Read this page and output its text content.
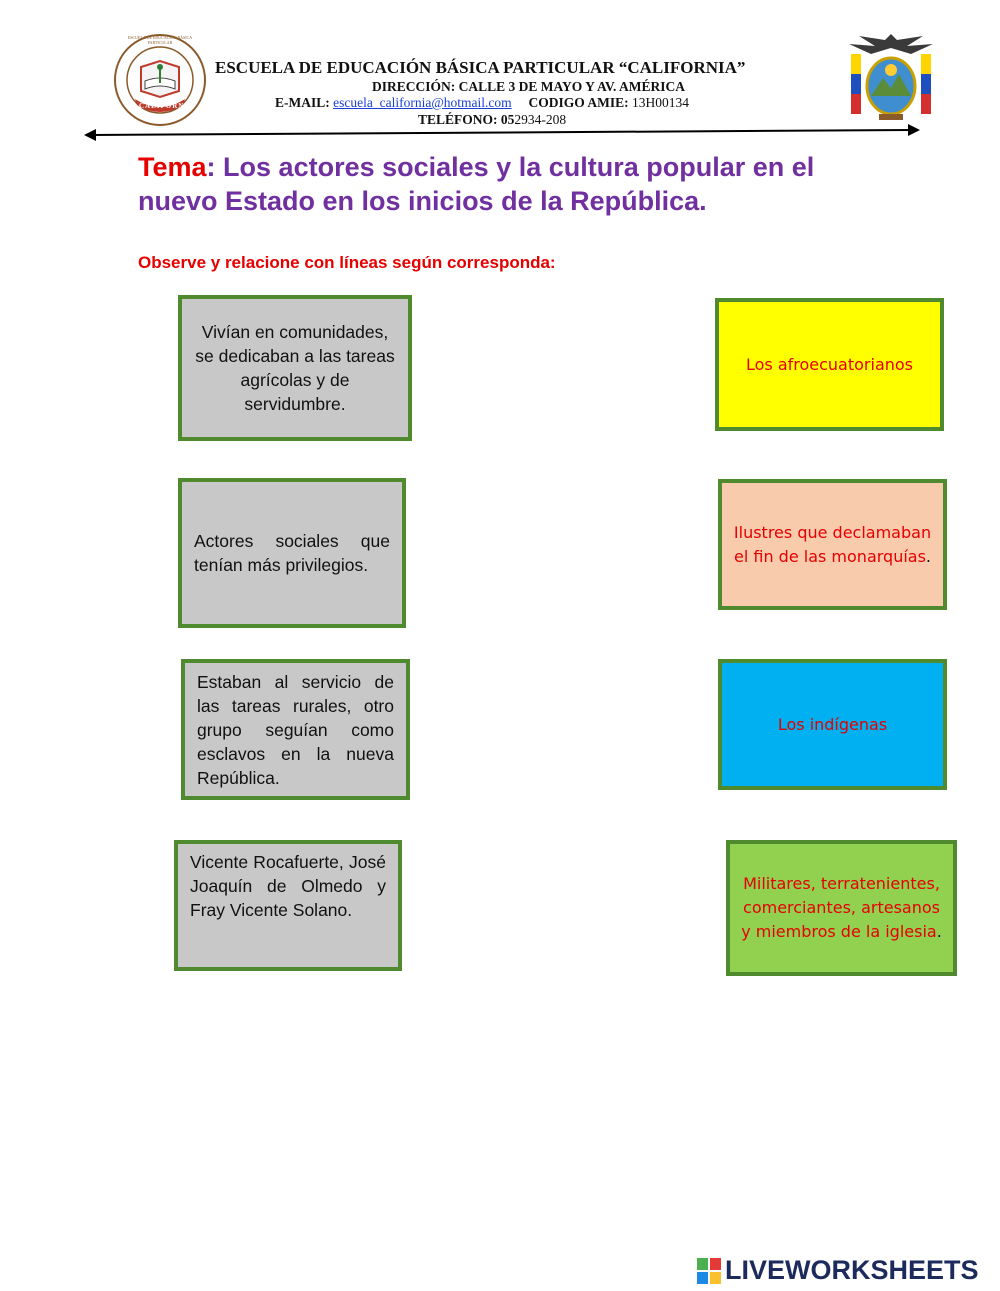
CALIFORNIA
ESCUELA DE EDUCACIÓN BÁSICA PARTICULAR
ESCUELA DE EDUCACIÓN BÁSICA PARTICULAR “CALIFORNIA”
DIRECCIÓN: CALLE 3 DE MAYO Y AV. AMÉRICA
E-MAIL: escuela_california@hotmail.com CODIGO AMIE: 13H00134
TELÉFONO: 052934-208
Tema: Los actores sociales y la cultura popular en el nuevo Estado en los inicios de la República.
Observe y relacione con líneas según corresponda:
Vivían en comunidades, se dedicaban a las tareas agrícolas y de servidumbre.
Actores sociales que tenían más privilegios.
Estaban al servicio de las tareas rurales, otro grupo seguían como esclavos en la nueva República.
Vicente Rocafuerte, José Joaquín de Olmedo y Fray Vicente Solano.
Los afroecuatorianos
Ilustres que declamaban el fin de las monarquías.
Los indígenas
Militares, terratenientes, comerciantes, artesanos y miembros de la iglesia.
LIVEWORKSHEETS
